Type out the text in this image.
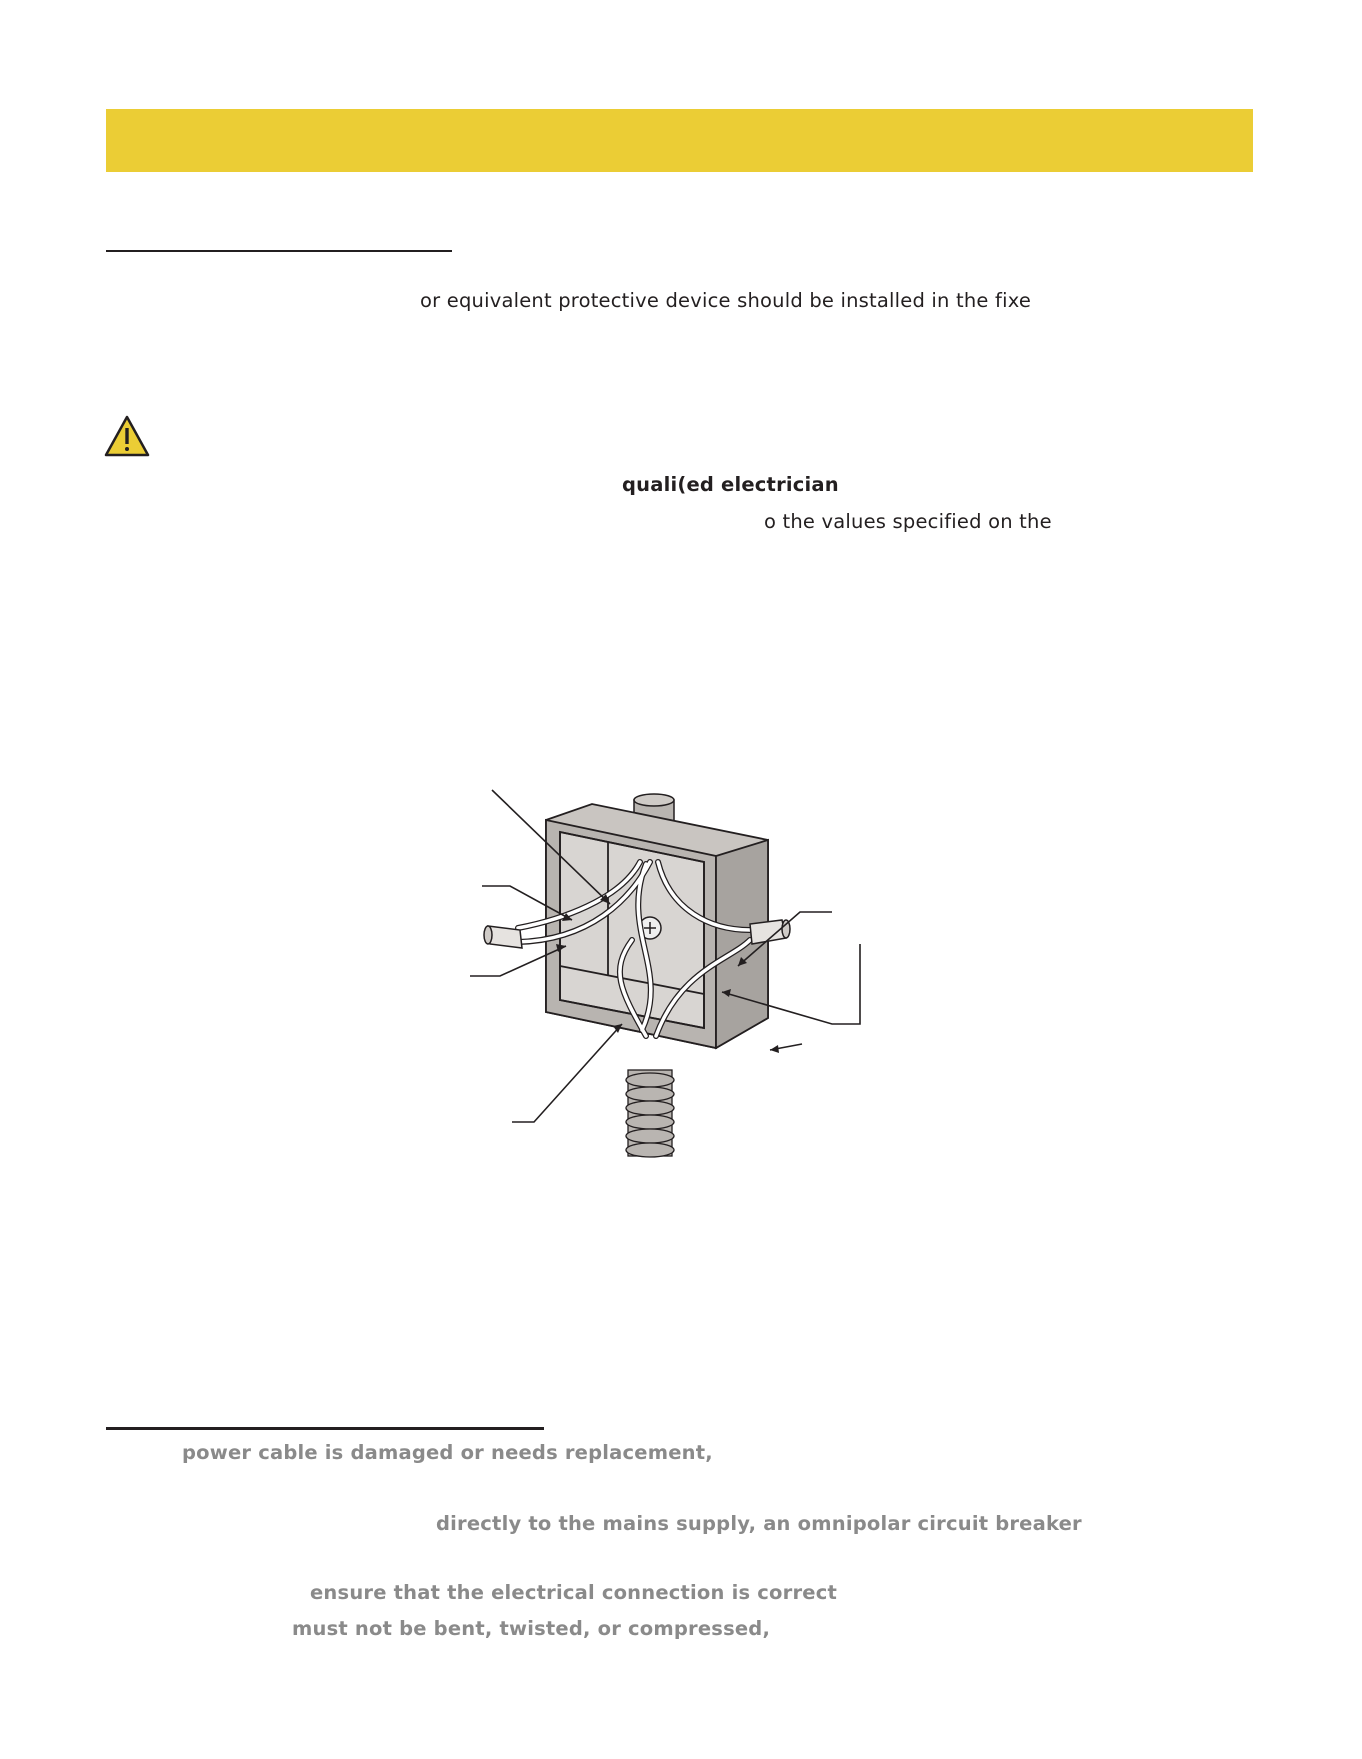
or equivalent protective device should be installed in the fixe
quali(ed electrician
o the values specified on the
power cable is damaged or needs replacement,
directly to the mains supply, an omnipolar circuit breaker
ensure that the electrical connection is correct
must not be bent, twisted, or compressed,
